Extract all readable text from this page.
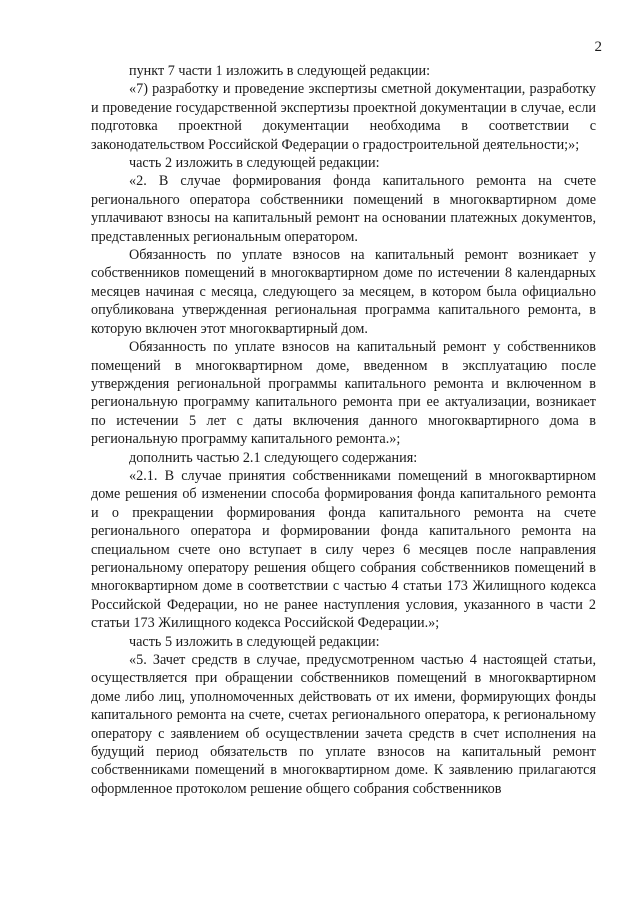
2

пункт 7 части 1 изложить в следующей редакции:

«7) разработку и проведение экспертизы сметной документации, разработку и проведение государственной экспертизы проектной документации в случае, если подготовка проектной документации необходима в соответствии с законодательством Российской Федерации о градостроительной деятельности;»;

часть 2 изложить в следующей редакции:

«2. В случае формирования фонда капитального ремонта на счете регионального оператора собственники помещений в многоквартирном доме уплачивают взносы на капитальный ремонт на основании платежных документов, представленных региональным оператором.

Обязанность по уплате взносов на капитальный ремонт возникает у собственников помещений в многоквартирном доме по истечении 8 календарных месяцев начиная с месяца, следующего за месяцем, в котором была официально опубликована утвержденная региональная программа капитального ремонта, в которую включен этот многоквартирный дом.

Обязанность по уплате взносов на капитальный ремонт у собственников помещений в многоквартирном доме, введенном в эксплуатацию после утверждения региональной программы капитального ремонта и включенном в региональную программу капитального ремонта при ее актуализации, возникает по истечении 5 лет с даты включения данного многоквартирного дома в региональную программу капитального ремонта.»;

дополнить частью 2.1 следующего содержания:

«2.1. В случае принятия собственниками помещений в многоквартирном доме решения об изменении способа формирования фонда капитального ремонта и о прекращении формирования фонда капитального ремонта на счете регионального оператора и формировании фонда капитального ремонта на специальном счете оно вступает в силу через 6 месяцев после направления региональному оператору решения общего собрания собственников помещений в многоквартирном доме в соответствии с частью 4 статьи 173 Жилищного кодекса Российской Федерации, но не ранее наступления условия, указанного в части 2 статьи 173 Жилищного кодекса Российской Федерации.»;

часть 5 изложить в следующей редакции:

«5. Зачет средств в случае, предусмотренном частью 4 настоящей статьи, осуществляется при обращении собственников помещений в многоквартирном доме либо лиц, уполномоченных действовать от их имени, формирующих фонды капитального ремонта на счете, счетах регионального оператора, к региональному оператору с заявлением об осуществлении зачета средств в счет исполнения на будущий период обязательств по уплате взносов на капитальный ремонт собственниками помещений в многоквартирном доме. К заявлению прилагаются оформленное протоколом решение общего собрания собственников
